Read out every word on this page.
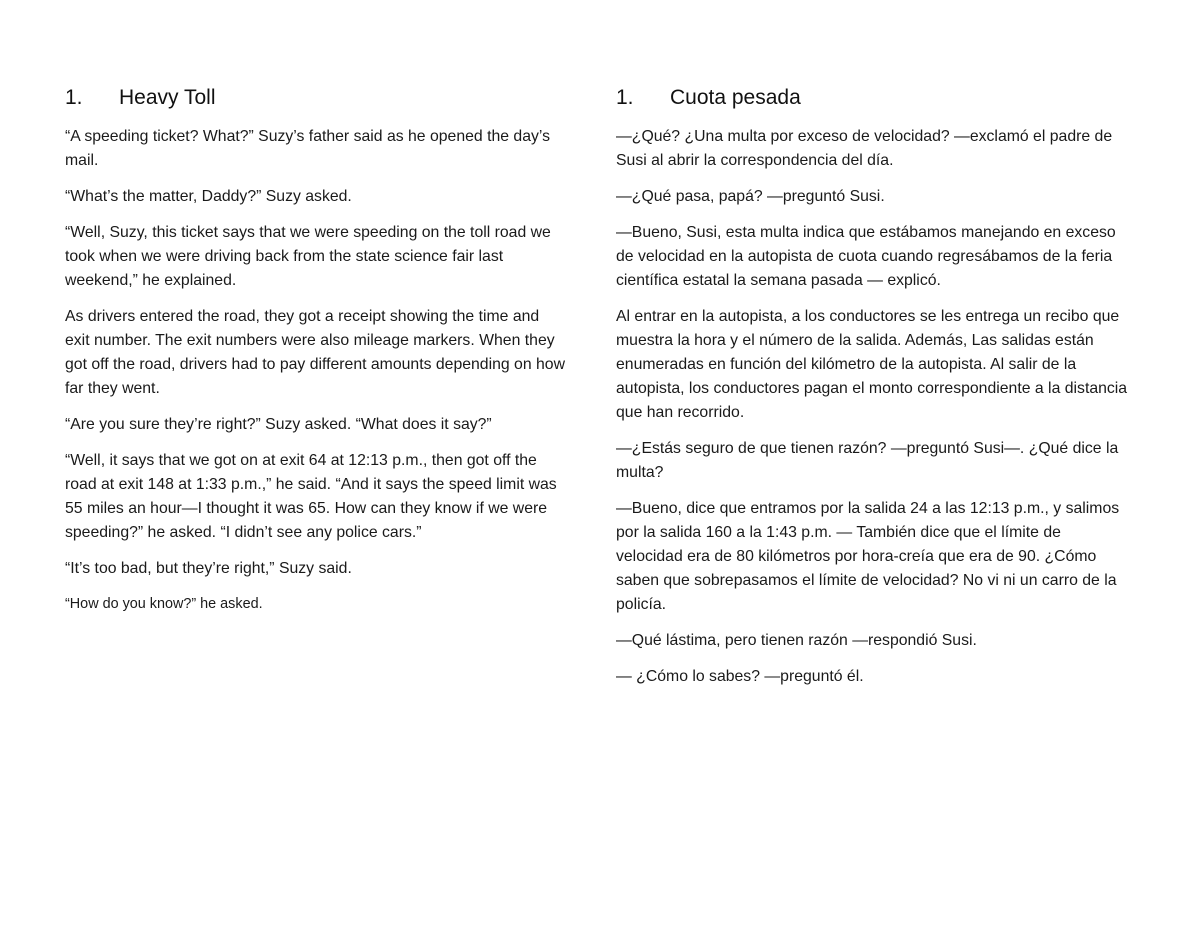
1.	Heavy Toll

“A speeding ticket? What?” Suzy’s father said as he opened the day’s mail.

“What’s the matter, Daddy?” Suzy asked.

“Well, Suzy, this ticket says that we were speeding on the toll road we took when we were driving back from the state science fair last weekend,” he explained.

As drivers entered the road, they got a receipt showing the time and exit number. The exit numbers were also mileage markers. When they got off the road, drivers had to pay different amounts depending on how far they went.

“Are you sure they’re right?” Suzy asked. “What does it say?”

“Well, it says that we got on at exit 64 at 12:13 p.m., then got off the road at exit 148 at 1:33 p.m.,” he said. “And it says the speed limit was 55 miles an hour—I thought it was 65. How can they know if we were speeding?” he asked. “I didn’t see any police cars.”

“It’s too bad, but they’re right,” Suzy said.

“How do you know?” he asked.

1.	Cuota pesada

—¿Qué? ¿Una multa por exceso de velocidad? —exclamó el padre de Susi al abrir la correspondencia del día.

—¿Qué pasa, papá? —preguntó Susi.

—Bueno, Susi, esta multa indica que estábamos manejando en exceso de velocidad en la autopista de cuota cuando regresábamos de la feria científica estatal la semana pasada — explicó.

Al entrar en la autopista, a los conductores se les entrega un recibo que muestra la hora y el número de la salida. Además, Las salidas están enumeradas en función del kilómetro de la autopista. Al salir de la autopista, los conductores pagan el monto correspondiente a la distancia que han recorrido.

—¿Estás seguro de que tienen razón? —preguntó Susi—. ¿Qué dice la multa?

—Bueno, dice que entramos por la salida 24 a las 12:13 p.m., y salimos por la salida 160 a la 1:43 p.m. — También dice que el límite de velocidad era de 80 kilómetros por hora-creía que era de 90. ¿Cómo saben que sobrepasamos el límite de velocidad? No vi ni un carro de la policía.

—Qué lástima, pero tienen razón —respondió Susi.

— ¿Cómo lo sabes? —preguntó él.
